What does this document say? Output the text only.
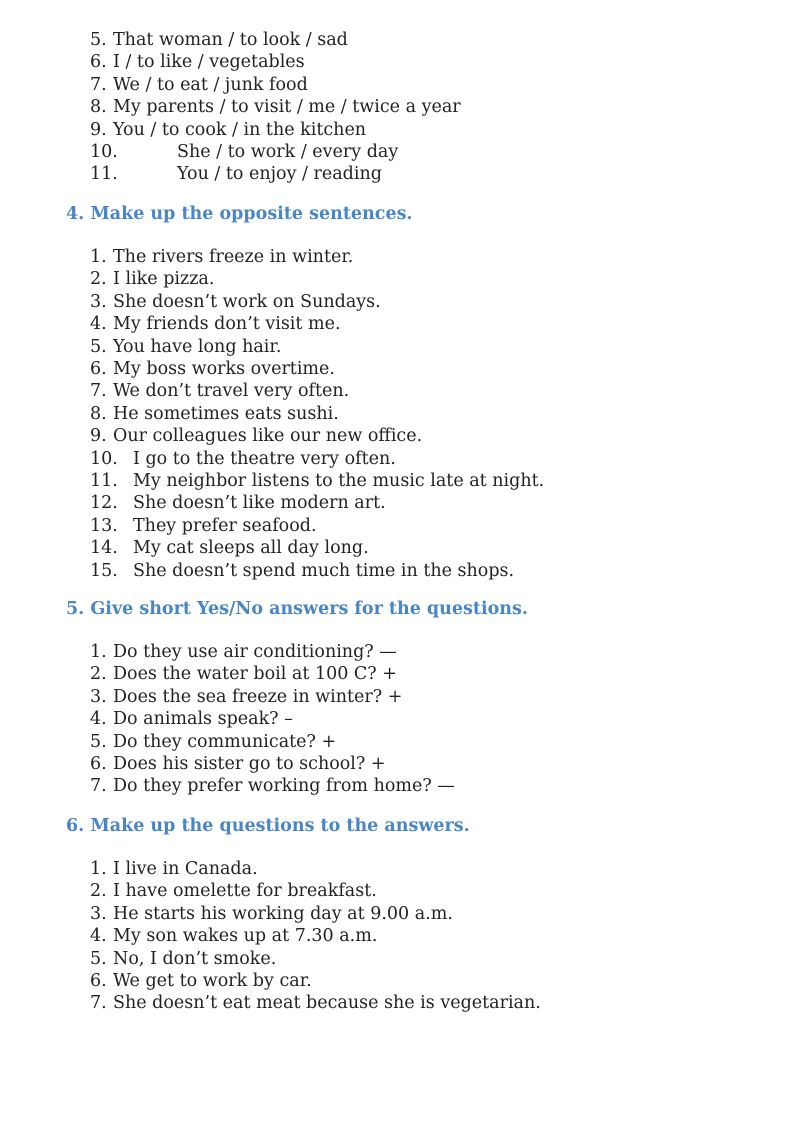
5. That woman / to look / sad
6. I / to like / vegetables
7. We / to eat / junk food
8. My parents / to visit / me / twice a year
9. You / to cook / in the kitchen
10.	She / to work / every day
11.	You / to enjoy / reading
4. Make up the opposite sentences.
1. The rivers freeze in winter.
2. I like pizza.
3. She doesn’t work on Sundays.
4. My friends don’t visit me.
5. You have long hair.
6. My boss works overtime.
7. We don’t travel very often.
8. He sometimes eats sushi.
9. Our colleagues like our new office.
10. I go to the theatre very often.
11. My neighbor listens to the music late at night.
12. She doesn’t like modern art.
13. They prefer seafood.
14. My cat sleeps all day long.
15. She doesn’t spend much time in the shops.
5. Give short Yes/No answers for the questions.
1. Do they use air conditioning? —
2. Does the water boil at 100 C? +
3. Does the sea freeze in winter? +
4. Do animals speak? –
5. Do they communicate? +
6. Does his sister go to school? +
7. Do they prefer working from home? —
6. Make up the questions to the answers.
1. I live in Canada.
2. I have omelette for breakfast.
3. He starts his working day at 9.00 a.m.
4. My son wakes up at 7.30 a.m.
5. No, I don’t smoke.
6. We get to work by car.
7. She doesn’t eat meat because she is vegetarian.
